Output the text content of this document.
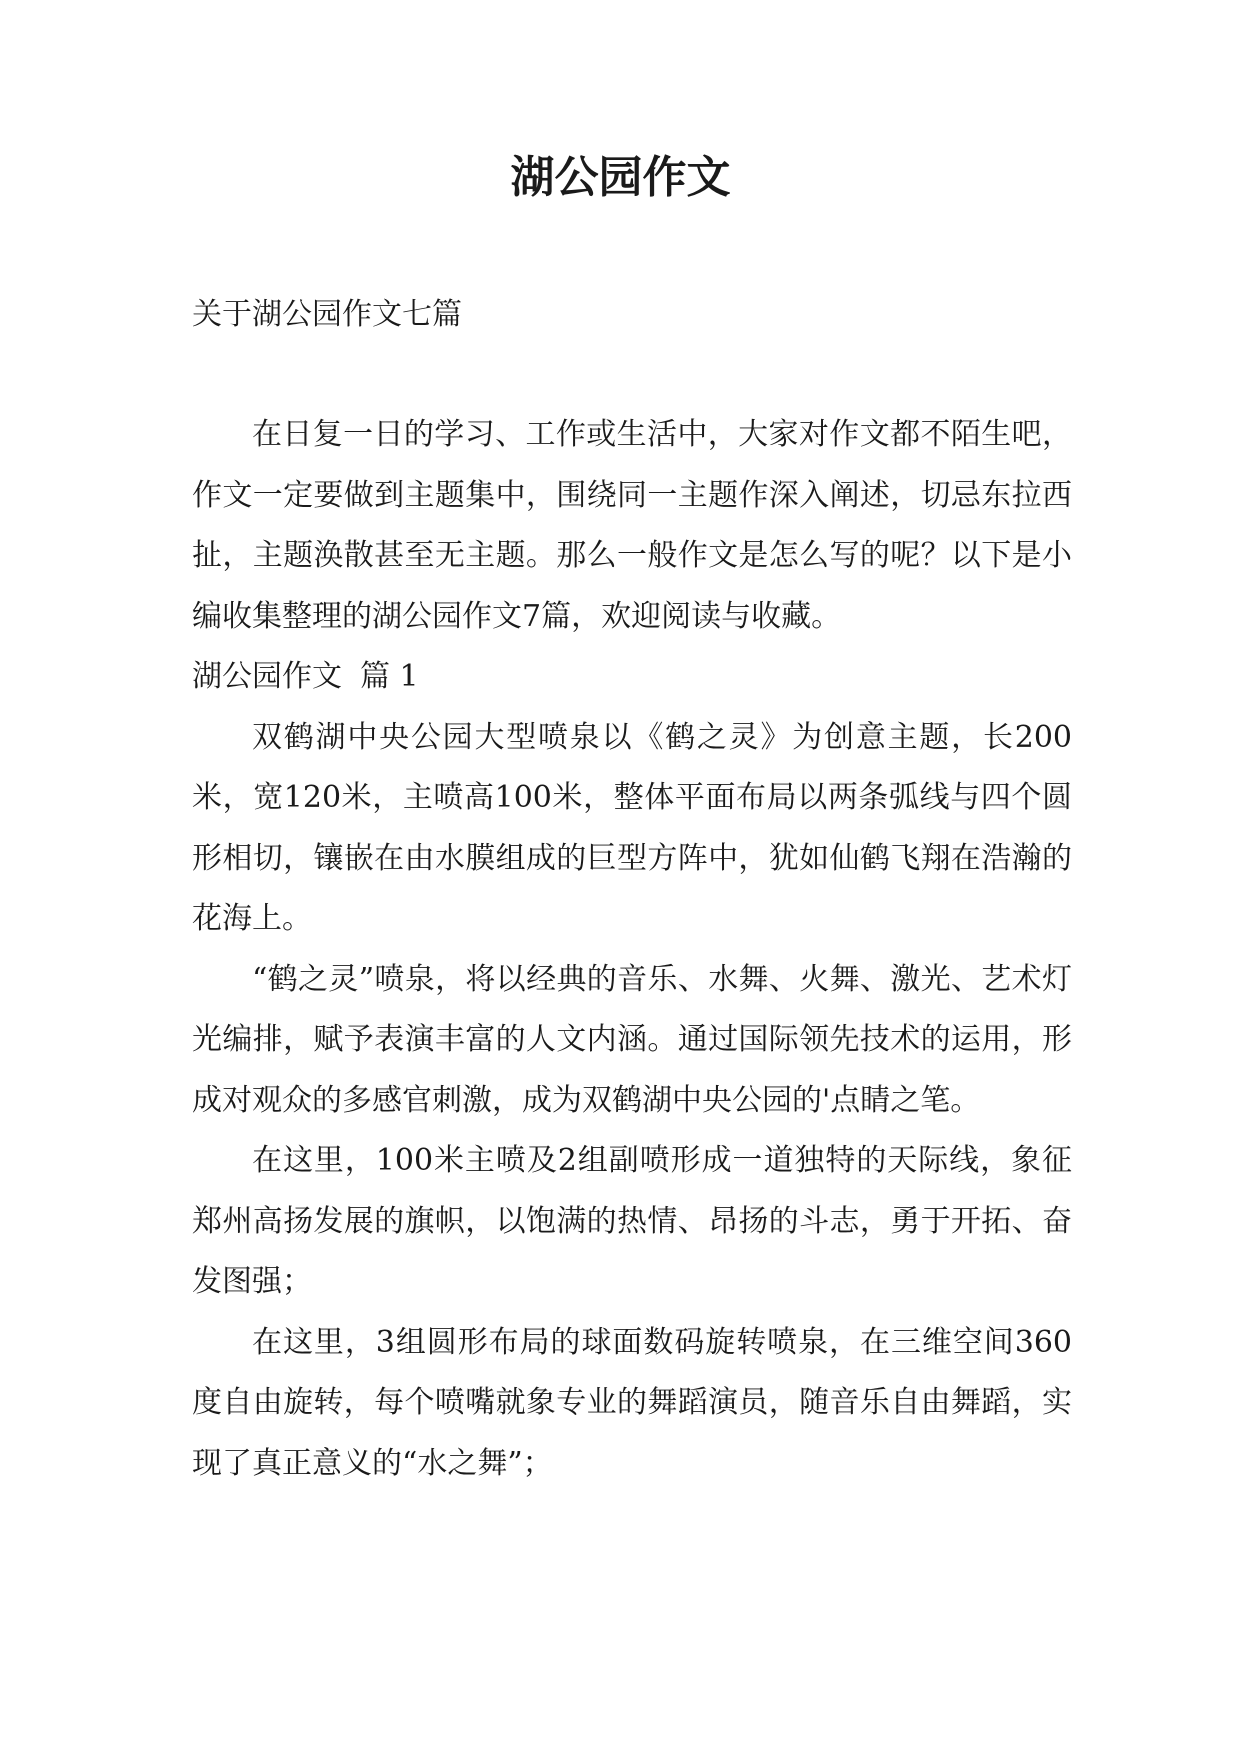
湖公园作文

关于湖公园作文七篇

在日复一日的学习、工作或生活中，大家对作文都不陌生吧，作文一定要做到主题集中，围绕同一主题作深入阐述，切忌东拉西扯，主题涣散甚至无主题。那么一般作文是怎么写的呢？以下是小编收集整理的湖公园作文7篇，欢迎阅读与收藏。

湖公园作文 篇 1

双鹤湖中央公园大型喷泉以《鹤之灵》为创意主题，长200米，宽120米，主喷高100米，整体平面布局以两条弧线与四个圆形相切，镶嵌在由水膜组成的巨型方阵中，犹如仙鹤飞翔在浩瀚的花海上。

“鹤之灵”喷泉，将以经典的音乐、水舞、火舞、激光、艺术灯光编排，赋予表演丰富的人文内涵。通过国际领先技术的运用，形成对观众的多感官刺激，成为双鹤湖中央公园的'点睛之笔。

在这里，100米主喷及2组副喷形成一道独特的天际线，象征郑州高扬发展的旗帜，以饱满的热情、昂扬的斗志，勇于开拓、奋发图强；

在这里，3组圆形布局的球面数码旋转喷泉，在三维空间360度自由旋转，每个喷嘴就象专业的舞蹈演员，随音乐自由舞蹈，实现了真正意义的“水之舞”；
